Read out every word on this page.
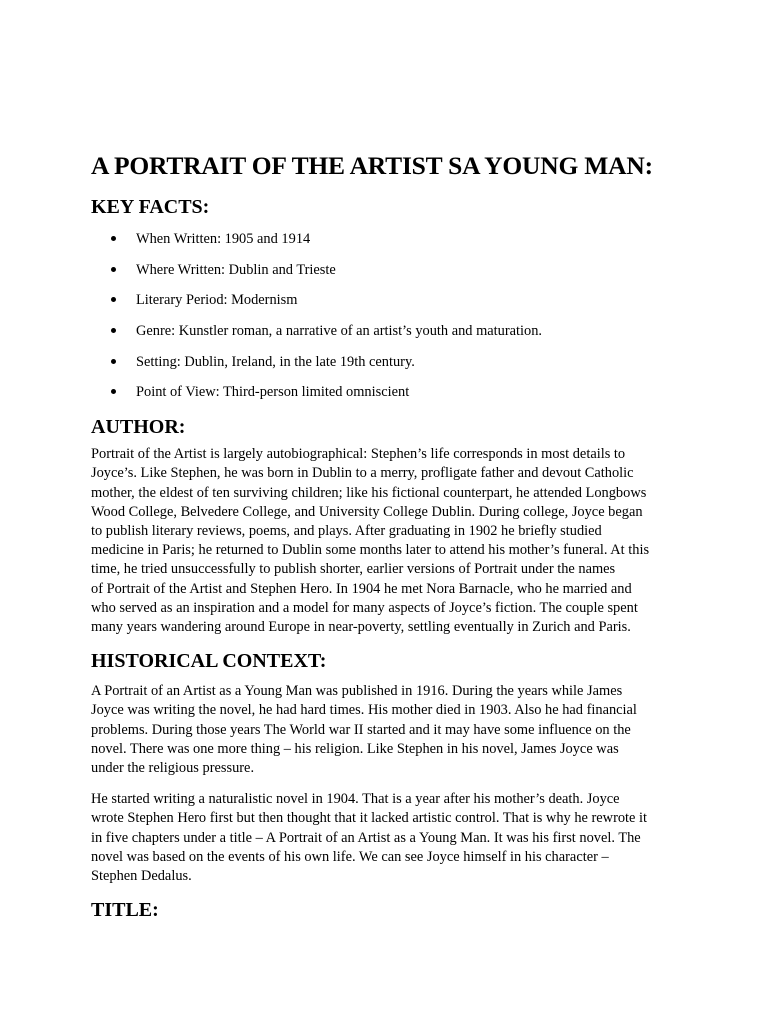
A PORTRAIT OF THE ARTIST SA YOUNG MAN:
KEY FACTS:
When Written: 1905 and 1914
Where Written: Dublin and Trieste
Literary Period: Modernism
Genre: Kunstler roman, a narrative of an artist’s youth and maturation.
Setting: Dublin, Ireland, in the late 19th century.
Point of View: Third-person limited omniscient
AUTHOR:

Portrait of the Artist is largely autobiographical: Stephen’s life corresponds in most details to
Joyce’s. Like Stephen, he was born in Dublin to a merry, profligate father and devout Catholic
mother, the eldest of ten surviving children; like his fictional counterpart, he attended Longbows
Wood College, Belvedere College, and University College Dublin. During college, Joyce began
to publish literary reviews, poems, and plays. After graduating in 1902 he briefly studied
medicine in Paris; he returned to Dublin some months later to attend his mother’s funeral. At this
time, he tried unsuccessfully to publish shorter, earlier versions of Portrait under the names
of Portrait of the Artist and Stephen Hero. In 1904 he met Nora Barnacle, who he married and
who served as an inspiration and a model for many aspects of Joyce’s fiction. The couple spent
many years wandering around Europe in near-poverty, settling eventually in Zurich and Paris.

HISTORICAL CONTEXT:

A Portrait of an Artist as a Young Man was published in 1916. During the years while James
Joyce was writing the novel, he had hard times. His mother died in 1903. Also he had financial
problems. During those years The World war II started and it may have some influence on the
novel. There was one more thing – his religion. Like Stephen in his novel, James Joyce was
under the religious pressure.

He started writing a naturalistic novel in 1904. That is a year after his mother’s death. Joyce
wrote Stephen Hero first but then thought that it lacked artistic control. That is why he rewrote it
in five chapters under a title – A Portrait of an Artist as a Young Man. It was his first novel. The
novel was based on the events of his own life. We can see Joyce himself in his character –
Stephen Dedalus.

TITLE:
